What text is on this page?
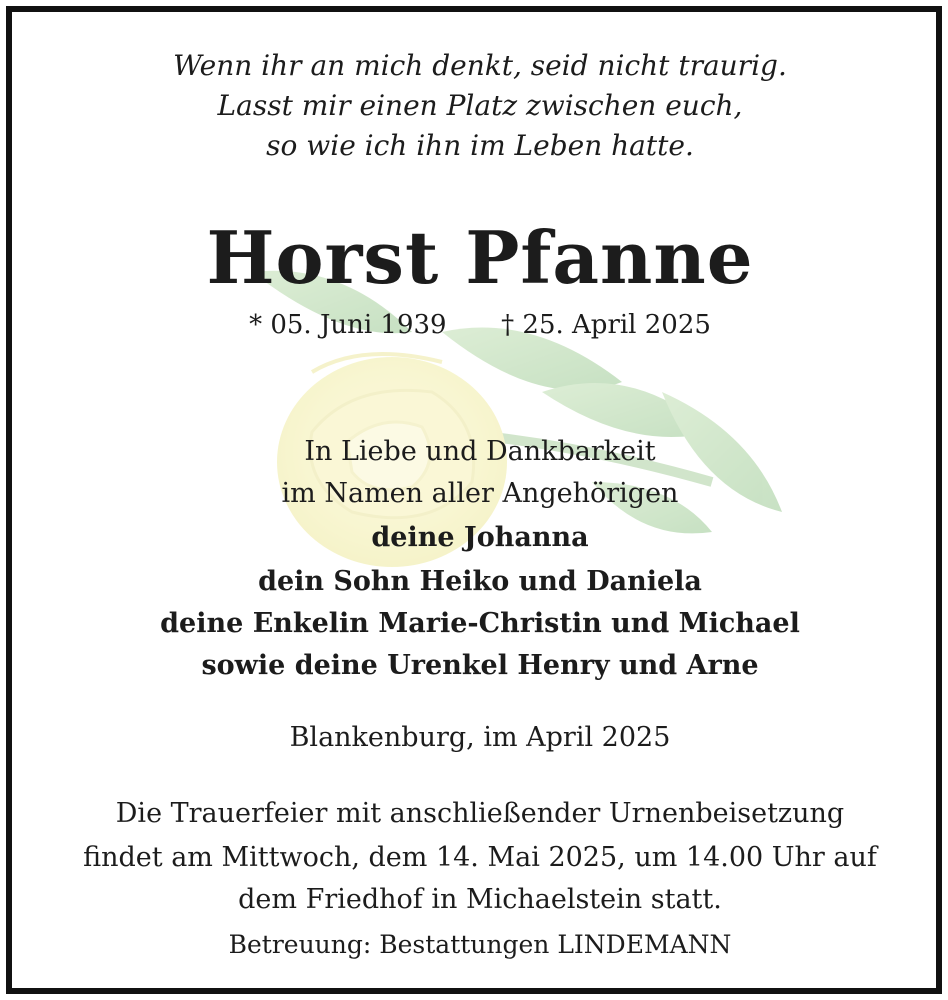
Wenn ihr an mich denkt, seid nicht traurig.
Lasst mir einen Platz zwischen euch,
so wie ich ihn im Leben hatte.
Horst Pfanne
* 05. Juni 1939 † 25. April 2025
In Liebe und Dankbarkeit
im Namen aller Angehörigen
deine Johanna
dein Sohn Heiko und Daniela
deine Enkelin Marie-Christin und Michael
sowie deine Urenkel Henry und Arne
Blankenburg, im April 2025
Die Trauerfeier mit anschließender Urnenbeisetzung
findet am Mittwoch, dem 14. Mai 2025, um 14.00 Uhr auf
dem Friedhof in Michaelstein statt.
Betreuung: Bestattungen LINDEMANN
